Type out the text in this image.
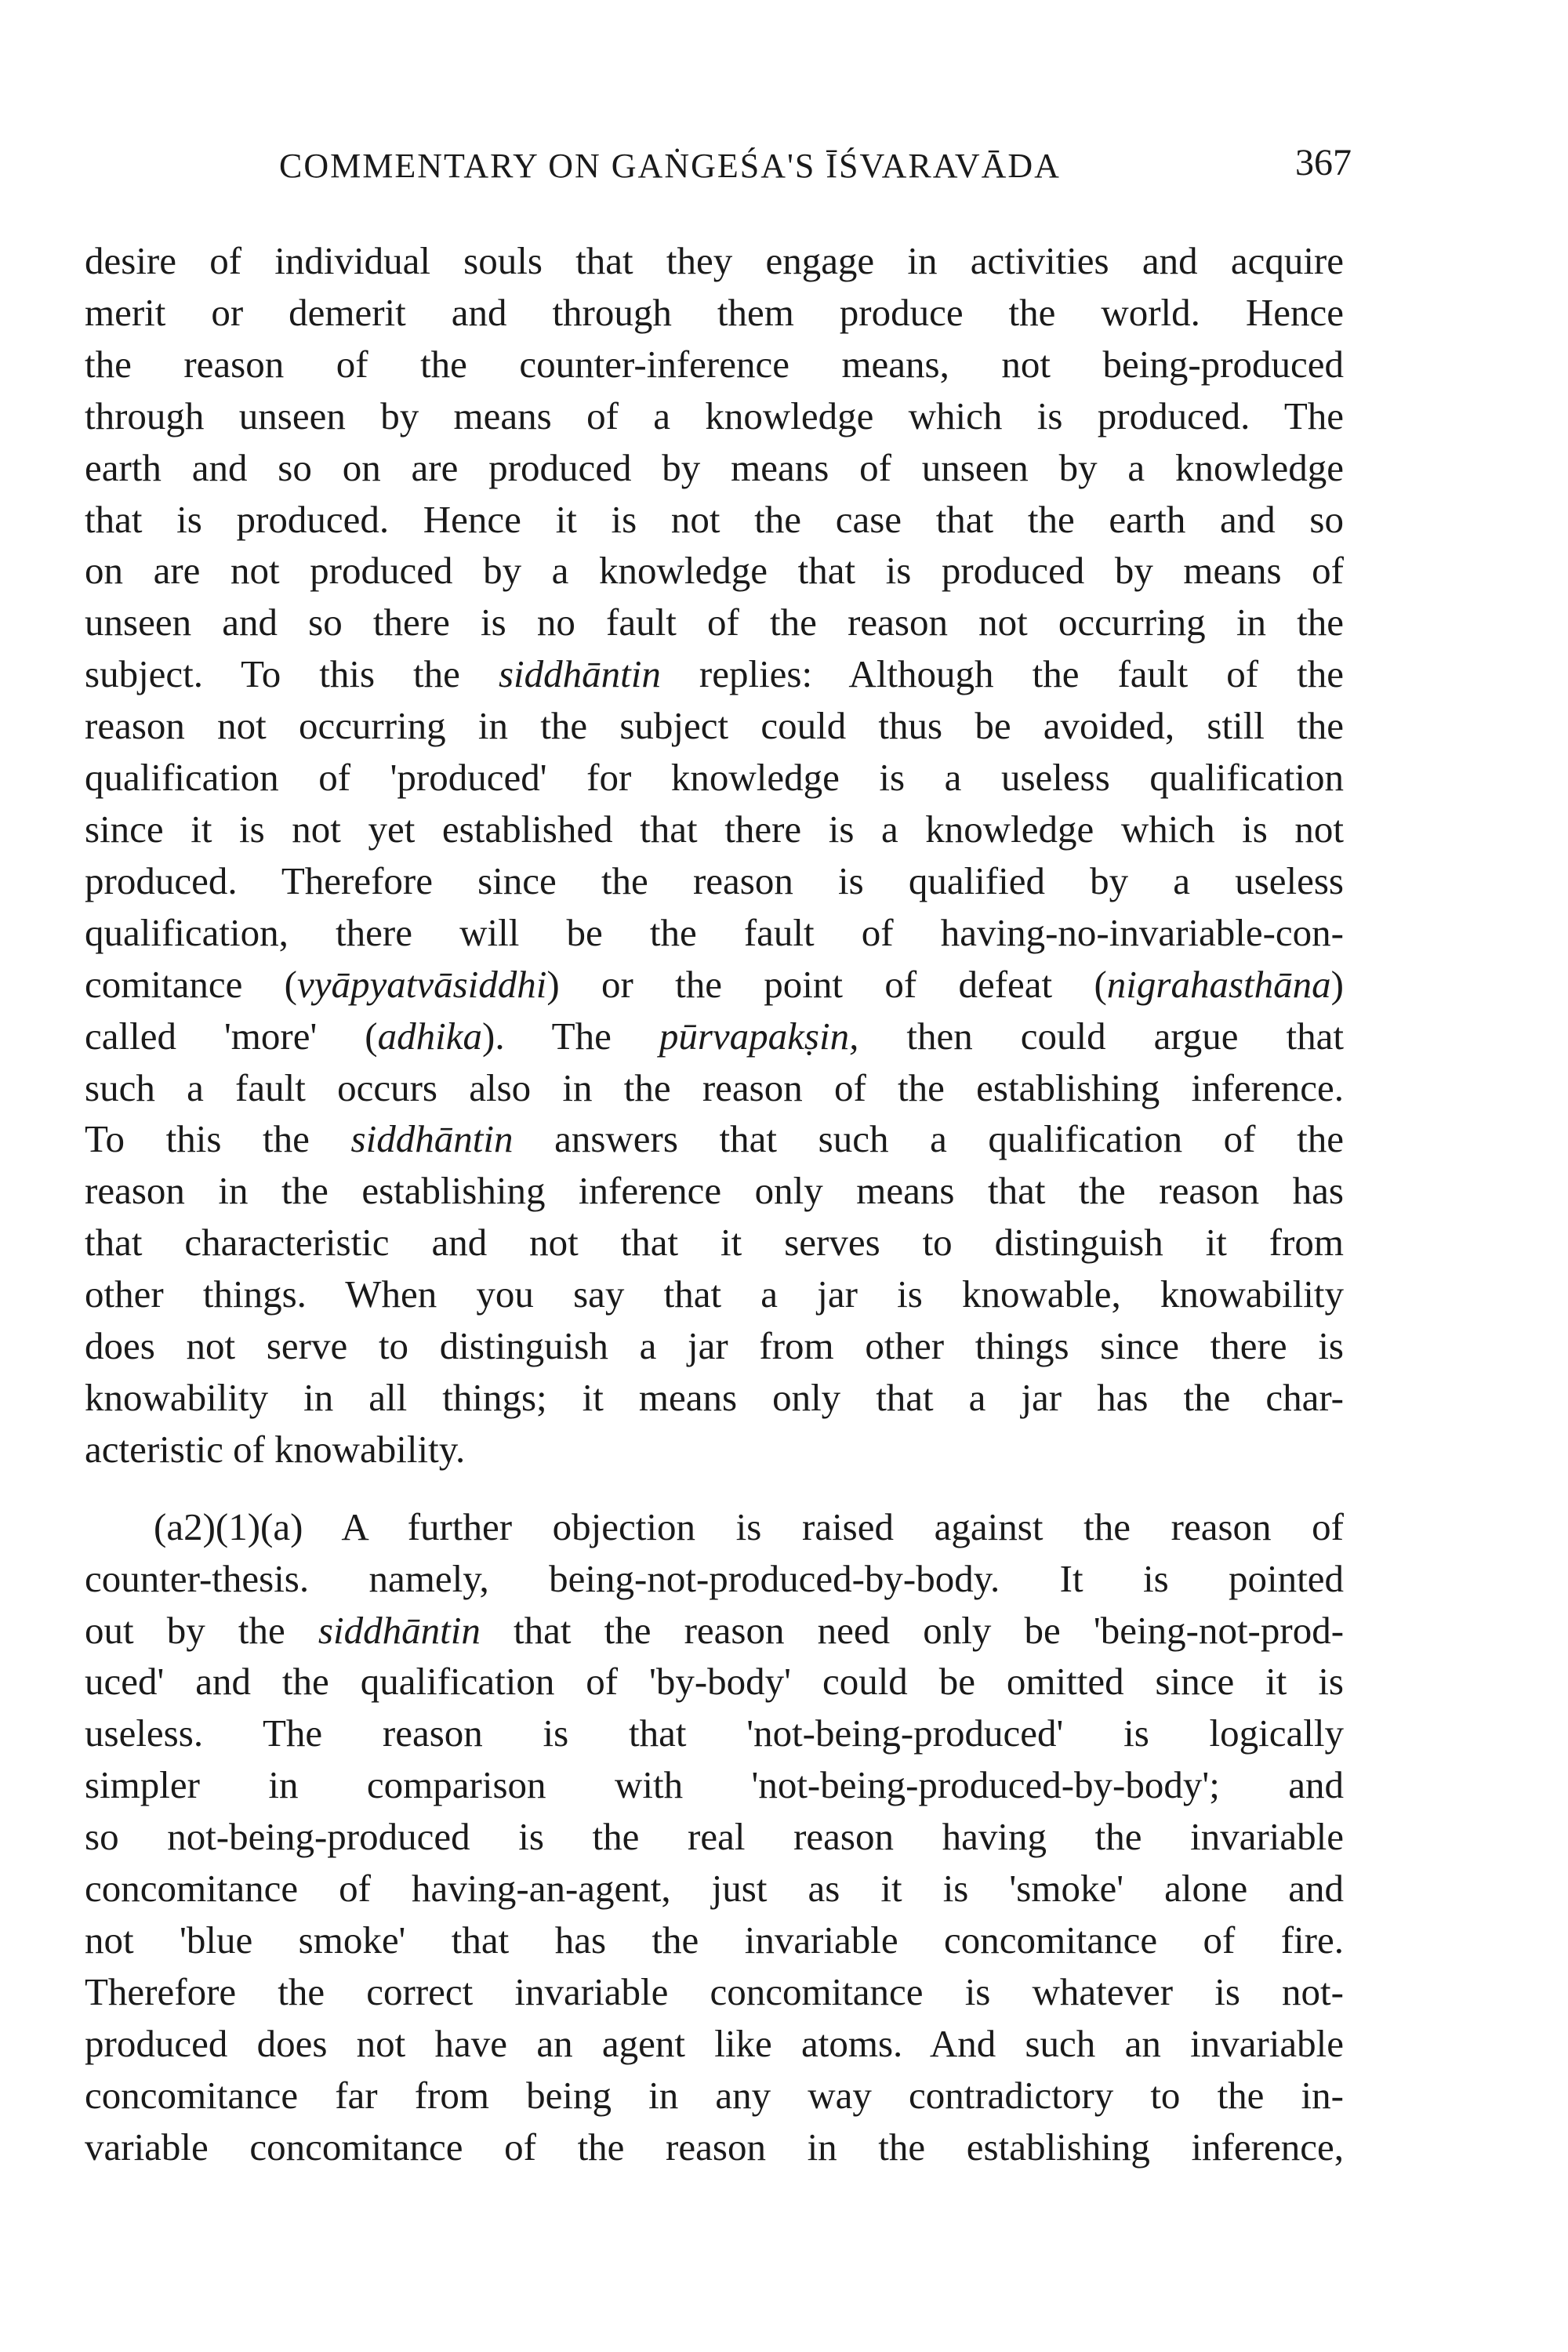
COMMENTARY ON GAṄGEŚA'S ĪŚVARAVĀDA	367

desire of individual souls that they engage in activities and acquire
merit or demerit and through them produce the world. Hence
the reason of the counter-inference means, not being-produced
through unseen by means of a knowledge which is produced. The
earth and so on are produced by means of unseen by a knowledge
that is produced. Hence it is not the case that the earth and so
on are not produced by a knowledge that is produced by means of
unseen and so there is no fault of the reason not occurring in the
subject. To this the siddhāntin replies: Although the fault of the
reason not occurring in the subject could thus be avoided, still the
qualification of 'produced' for knowledge is a useless qualification
since it is not yet established that there is a knowledge which is not
produced. Therefore since the reason is qualified by a useless
qualification, there will be the fault of having-no-invariable-con-
comitance (vyāpyatvāsiddhi) or the point of defeat (nigrahasthāna)
called 'more' (adhika). The pūrvapakṣin, then could argue that
such a fault occurs also in the reason of the establishing inference.
To this the siddhāntin answers that such a qualification of the
reason in the establishing inference only means that the reason has
that characteristic and not that it serves to distinguish it from
other things. When you say that a jar is knowable, knowability
does not serve to distinguish a jar from other things since there is
knowability in all things; it means only that a jar has the char-
acteristic of knowability.

(a2)(1)(a) A further objection is raised against the reason of
counter-thesis. namely, being-not-produced-by-body. It is pointed
out by the siddhāntin that the reason need only be 'being-not-prod-
uced' and the qualification of 'by-body' could be omitted since it is
useless. The reason is that 'not-being-produced' is logically
simpler in comparison with 'not-being-produced-by-body'; and
so not-being-produced is the real reason having the invariable
concomitance of having-an-agent, just as it is 'smoke' alone and
not 'blue smoke' that has the invariable concomitance of fire.
Therefore the correct invariable concomitance is whatever is not-
produced does not have an agent like atoms. And such an invariable
concomitance far from being in any way contradictory to the in-
variable concomitance of the reason in the establishing inference,
